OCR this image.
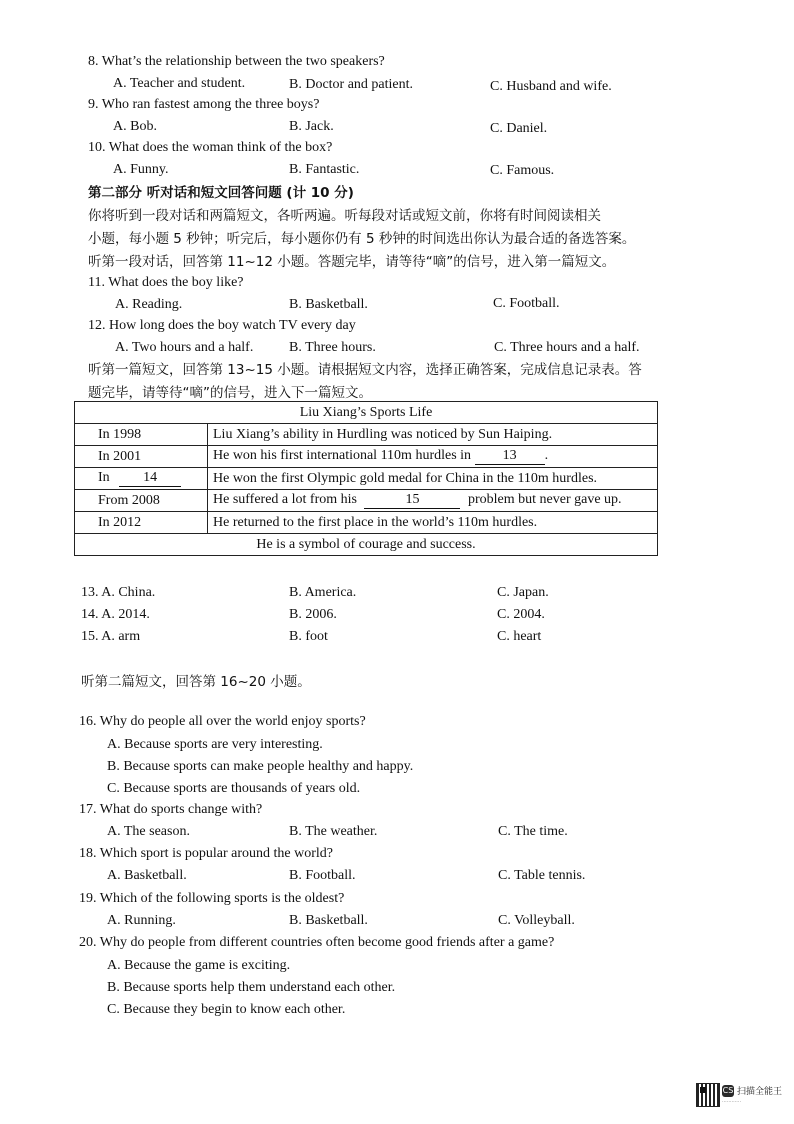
8. What’s the relationship between the two speakers?
A. Teacher and student.	B. Doctor and patient.	C. Husband and wife.
9. Who ran fastest among the three boys?
A. Bob.	B. Jack.	C. Daniel.
10. What does the woman think of the box?
A. Funny.	B. Fantastic.	C. Famous.
第二部分 听对话和短文回答问题 (计 10 分)
你将听到一段对话和两篇短文，各听两遍。听每段对话或短文前，你将有时间阅读相关
小题，每小题 5 秒钟；听完后，每小题你仍有 5 秒钟的时间选出你认为最合适的备选答案。
听第一段对话，回答第 11~12 小题。答题完毕，请等待“嘀”的信号，进入第一篇短文。
11. What does the boy like?
A. Reading.	B. Basketball.	C. Football.
12. How long does the boy watch TV every day
A. Two hours and a half.	B. Three hours.	C. Three hours and a half.
听第一篇短文，回答第 13~15 小题。请根据短文内容，选择正确答案，完成信息记录表。答
题完毕，请等待“嘀”的信号，进入下一篇短文。
Liu Xiang’s Sports Life	
In 1998	Liu Xiang’s ability in Hurdling was noticed by Sun Haiping.
In 2001	He won his first international 110m hurdles in 13 .
In 14	He won the first Olympic gold medal for China in the 110m hurdles.
From 2008	He suffered a lot from his 15 problem but never gave up.
In 2012	He returned to the first place in the world’s 110m hurdles.
He is a symbol of courage and success.	
13. A. China.	B. America.	C. Japan.
14. A. 2014.	B. 2006.	C. 2004.
15. A. arm	B. foot	C. heart
听第二篇短文，回答第 16~20 小题。
16. Why do people all over the world enjoy sports?
A. Because sports are very interesting.
B. Because sports can make people healthy and happy.
C. Because sports are thousands of years old.
17. What do sports change with?
A. The season.	B. The weather.	C. The time.
18. Which sport is popular around the world?
A. Basketball.	B. Football.	C. Table tennis.
19. Which of the following sports is the oldest?
A. Running.	B. Basketball.	C. Volleyball.
20. Why do people from different countries often become good friends after a game?
A. Because the game is exciting.
B. Because sports help them understand each other.
C. Because they begin to know each other.
CS 扫描全能王
············
